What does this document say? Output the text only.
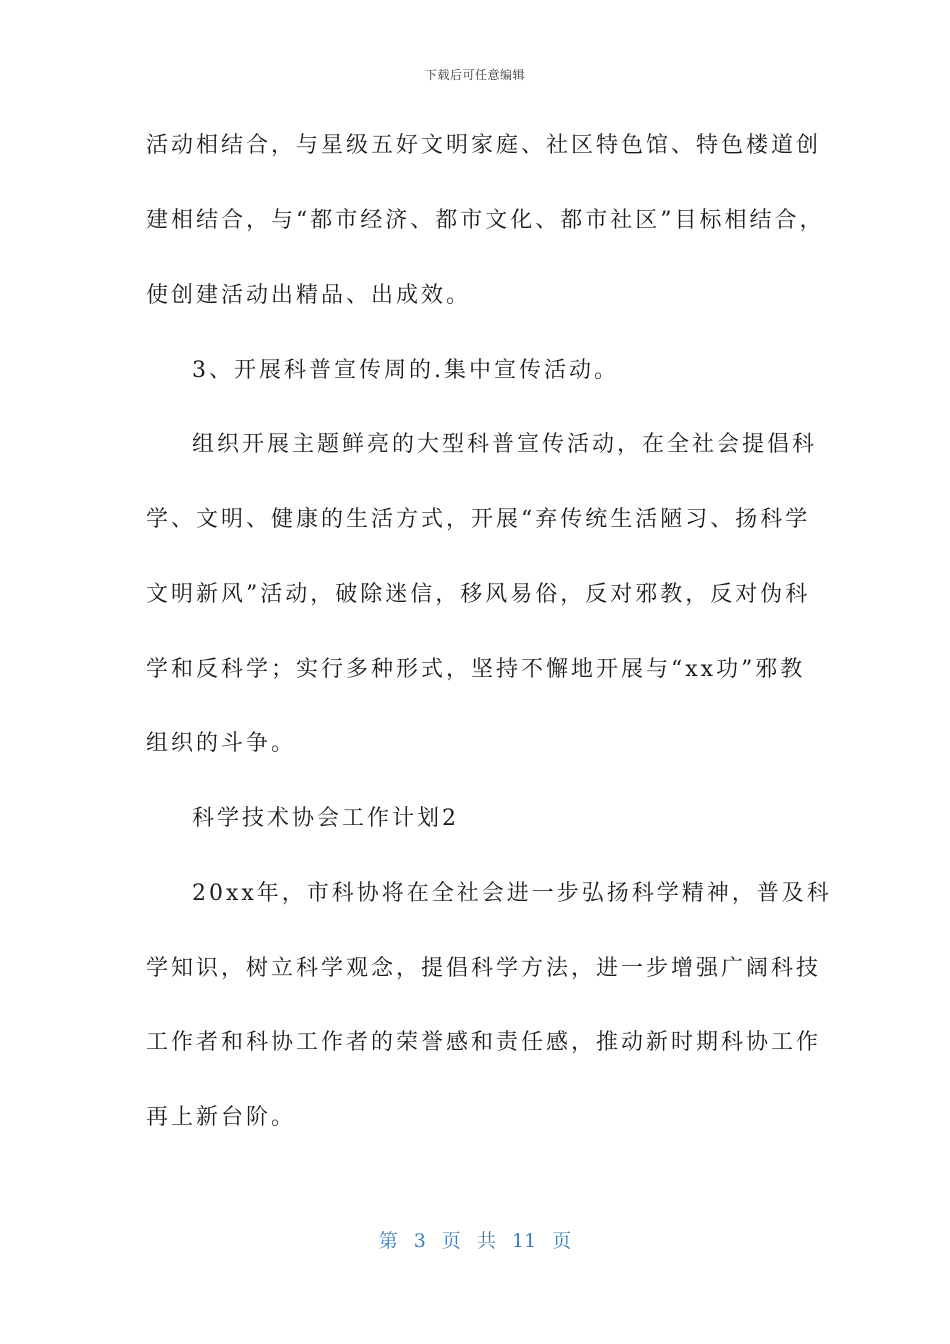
下载后可任意编辑
活动相结合，与星级五好文明家庭、社区特色馆、特色楼道创
建相结合，与“都市经济、都市文化、都市社区”目标相结合，
使创建活动出精品、出成效。
3、开展科普宣传周的.集中宣传活动。
组织开展主题鲜亮的大型科普宣传活动，在全社会提倡科
学、文明、健康的生活方式，开展“弃传统生活陋习、扬科学
文明新风”活动，破除迷信，移风易俗，反对邪教，反对伪科
学和反科学；实行多种形式，坚持不懈地开展与“xx功”邪教
组织的斗争。
科学技术协会工作计划2
20xx年，市科协将在全社会进一步弘扬科学精神，普及科
学知识，树立科学观念，提倡科学方法，进一步增强广阔科技
工作者和科协工作者的荣誉感和责任感，推动新时期科协工作
再上新台阶。
第 3 页 共 11 页
